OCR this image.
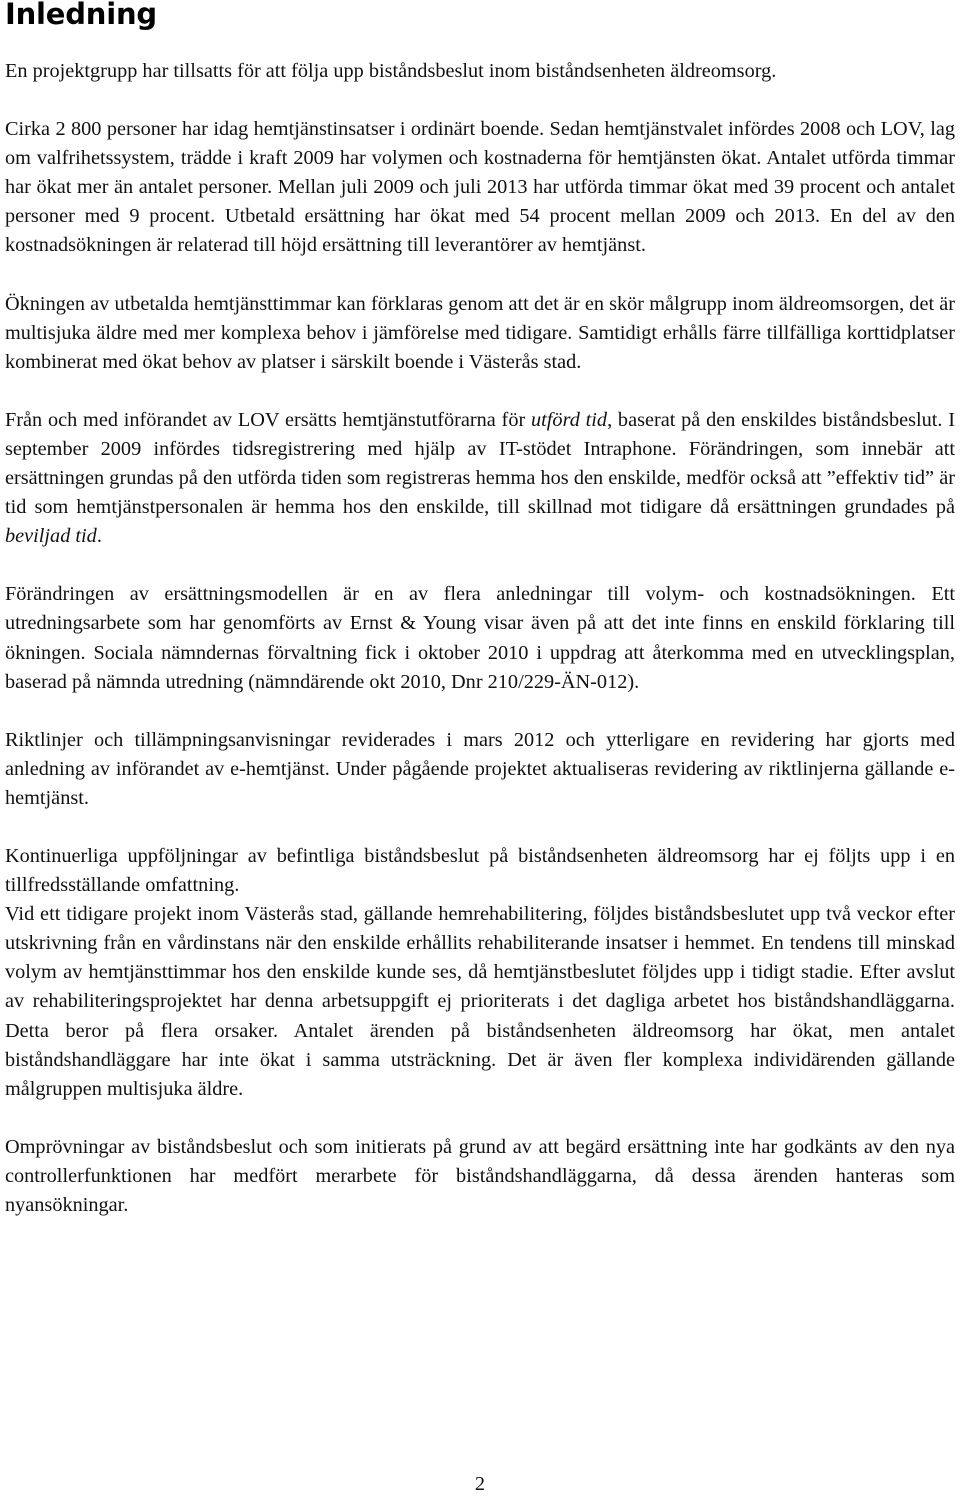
Inledning

En projektgrupp har tillsatts för att följa upp biståndsbeslut inom biståndsenheten äldreomsorg.

Cirka 2 800 personer har idag hemtjänstinsatser i ordinärt boende. Sedan hemtjänstvalet infördes 2008 och LOV, lag om valfrihetssystem, trädde i kraft 2009 har volymen och kostnaderna för hemtjänsten ökat. Antalet utförda timmar har ökat mer än antalet personer. Mellan juli 2009 och juli 2013 har utförda timmar ökat med 39 procent och antalet personer med 9 procent. Utbetald ersättning har ökat med 54 procent mellan 2009 och 2013. En del av den kostnadsökningen är relaterad till höjd ersättning till leverantörer av hemtjänst.

Ökningen av utbetalda hemtjänsttimmar kan förklaras genom att det är en skör målgrupp inom äldreomsorgen, det är multisjuka äldre med mer komplexa behov i jämförelse med tidigare. Samtidigt erhålls färre tillfälliga korttidplatser kombinerat med ökat behov av platser i särskilt boende i Västerås stad.

Från och med införandet av LOV ersätts hemtjänstutförarna för utförd tid, baserat på den enskildes biståndsbeslut. I september 2009 infördes tidsregistrering med hjälp av IT-stödet Intraphone. Förändringen, som innebär att ersättningen grundas på den utförda tiden som registreras hemma hos den enskilde, medför också att ”effektiv tid” är tid som hemtjänstpersonalen är hemma hos den enskilde, till skillnad mot tidigare då ersättningen grundades på beviljad tid.

Förändringen av ersättningsmodellen är en av flera anledningar till volym- och kostnadsökningen. Ett utredningsarbete som har genomförts av Ernst & Young visar även på att det inte finns en enskild förklaring till ökningen. Sociala nämndernas förvaltning fick i oktober 2010 i uppdrag att återkomma med en utvecklingsplan, baserad på nämnda utredning (nämndärende okt 2010, Dnr 210/229-ÄN-012).

Riktlinjer och tillämpningsanvisningar reviderades i mars 2012 och ytterligare en revidering har gjorts med anledning av införandet av e-hemtjänst. Under pågående projektet aktualiseras revidering av riktlinjerna gällande e-hemtjänst.

Kontinuerliga uppföljningar av befintliga biståndsbeslut på biståndsenheten äldreomsorg har ej följts upp i en tillfredsställande omfattning.

Vid ett tidigare projekt inom Västerås stad, gällande hemrehabilitering, följdes biståndsbeslutet upp två veckor efter utskrivning från en vårdinstans när den enskilde erhållits rehabiliterande insatser i hemmet. En tendens till minskad volym av hemtjänsttimmar hos den enskilde kunde ses, då hemtjänstbeslutet följdes upp i tidigt stadie. Efter avslut av rehabiliteringsprojektet har denna arbetsuppgift ej prioriterats i det dagliga arbetet hos biståndshandläggarna. Detta beror på flera orsaker. Antalet ärenden på biståndsenheten äldreomsorg har ökat, men antalet biståndshandläggare har inte ökat i samma utsträckning. Det är även fler komplexa individärenden gällande målgruppen multisjuka äldre.

Omprövningar av biståndsbeslut och som initierats på grund av att begärd ersättning inte har godkänts av den nya controllerfunktionen har medfört merarbete för biståndshandläggarna, då dessa ärenden hanteras som nyansökningar.

2
